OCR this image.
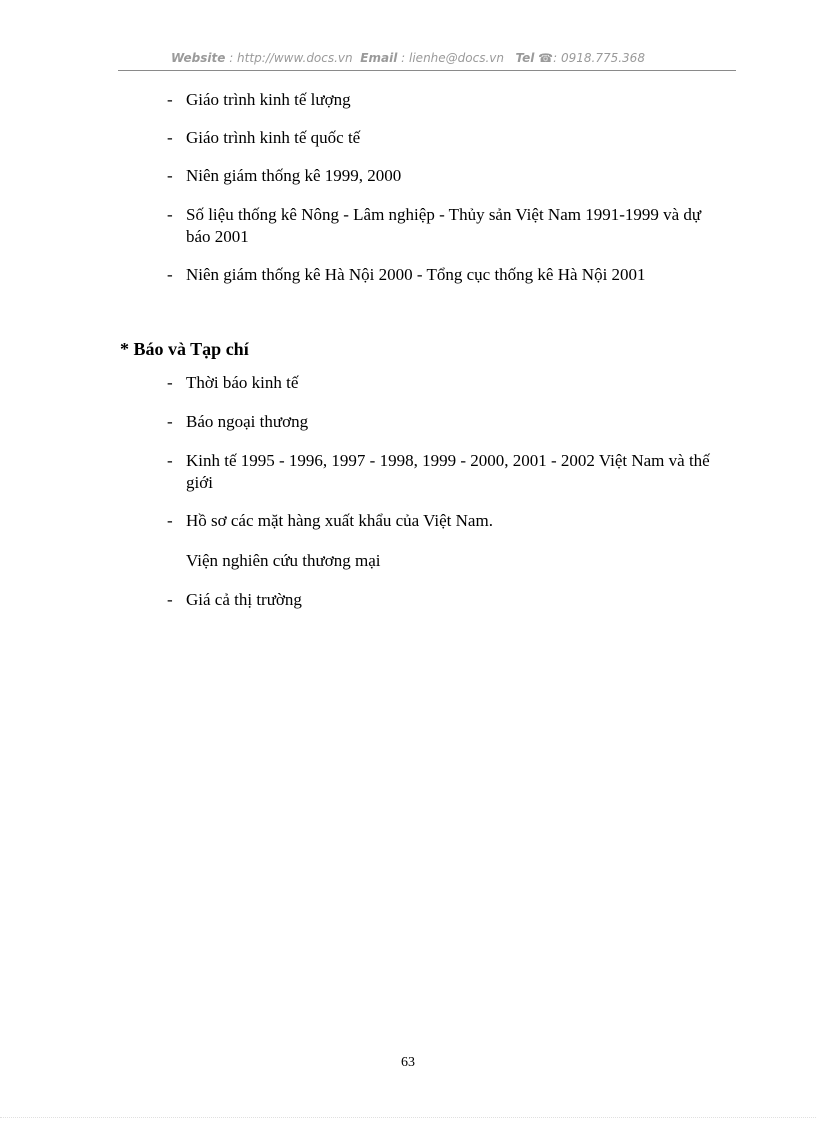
Website : http://www.docs.vn Email : lienhe@docs.vn Tel ☎: 0918.775.368
- Giáo trình kinh tế lượng
- Giáo trình kinh tế quốc tế
- Niên giám thống kê 1999, 2000
- Số liệu thống kê Nông - Lâm nghiệp - Thủy sản Việt Nam 1991-1999 và dự báo 2001
- Niên giám thống kê Hà Nội 2000 - Tổng cục thống kê Hà Nội 2001
* Báo và Tạp chí
- Thời báo kinh tế
- Báo ngoại thương
- Kinh tế 1995 - 1996, 1997 - 1998, 1999 - 2000, 2001 - 2002 Việt Nam và thế giới
- Hồ sơ các mặt hàng xuất khẩu của Việt Nam.
Viện nghiên cứu thương mại
- Giá cả thị trường
63
